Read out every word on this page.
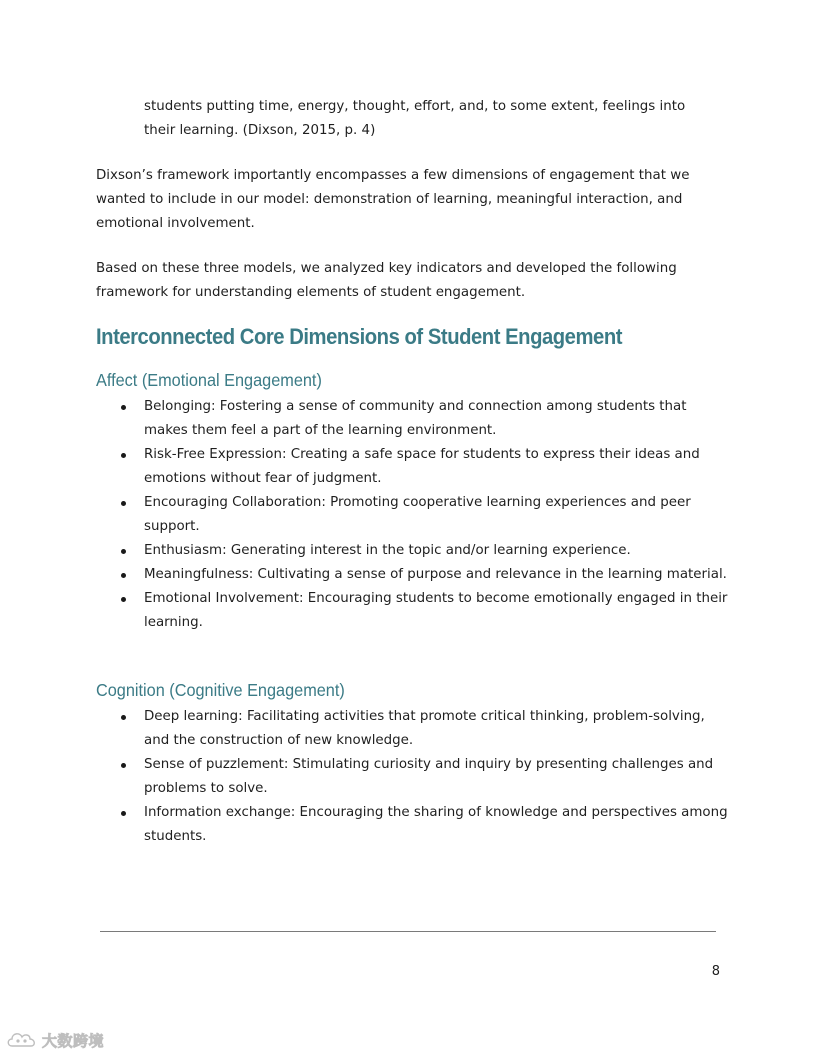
students putting time, energy, thought, effort, and, to some extent, feelings into their learning. (Dixson, 2015, p. 4)

Dixson’s framework importantly encompasses a few dimensions of engagement that we wanted to include in our model: demonstration of learning, meaningful interaction, and emotional involvement.

Based on these three models, we analyzed key indicators and developed the following framework for understanding elements of student engagement.

Interconnected Core Dimensions of Student Engagement
Affect (Emotional Engagement)
Belonging: Fostering a sense of community and connection among students that makes them feel a part of the learning environment.
Risk-Free Expression: Creating a safe space for students to express their ideas and emotions without fear of judgment.
Encouraging Collaboration: Promoting cooperative learning experiences and peer support.
Enthusiasm: Generating interest in the topic and/or learning experience.
Meaningfulness: Cultivating a sense of purpose and relevance in the learning material.
Emotional Involvement: Encouraging students to become emotionally engaged in their learning.
Cognition (Cognitive Engagement)
Deep learning: Facilitating activities that promote critical thinking, problem-solving, and the construction of new knowledge.
Sense of puzzlement: Stimulating curiosity and inquiry by presenting challenges and problems to solve.
Information exchange: Encouraging the sharing of knowledge and perspectives among students.
8
大数跨境
